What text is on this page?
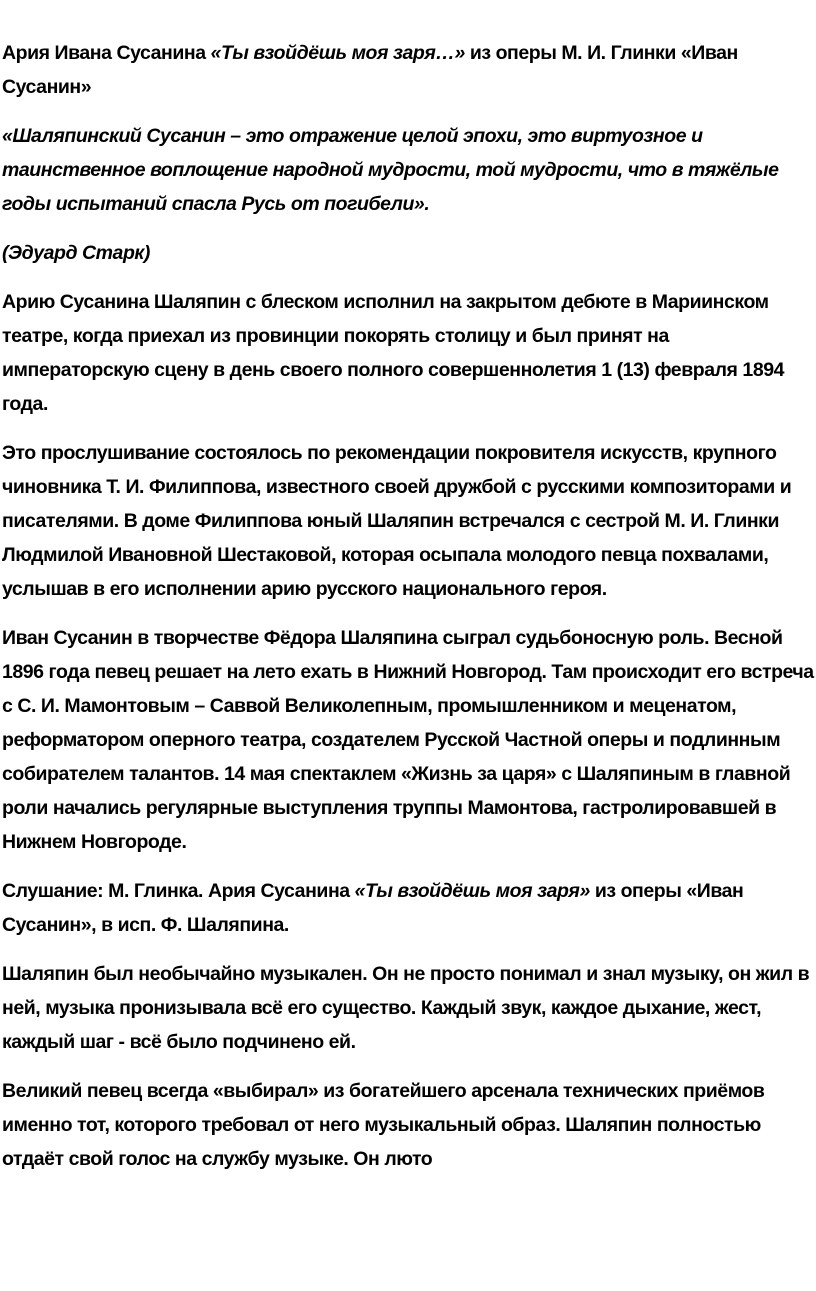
Ария Ивана Сусанина «Ты взойдёшь моя заря…» из оперы М. И. Глинки «Иван Сусанин»

«Шаляпинский Сусанин – это отражение целой эпохи, это виртуозное и таинственное воплощение народной мудрости, той мудрости, что в тяжёлые годы испытаний спасла Русь от погибели».

(Эдуард Старк)

Арию Сусанина Шаляпин с блеском исполнил на закрытом дебюте в Мариинском театре, когда приехал из провинции покорять столицу и был принят на императорскую сцену в день своего полного совершеннолетия 1 (13) февраля 1894 года.

Это прослушивание состоялось по рекомендации покровителя искусств, крупного чиновника Т. И. Филиппова, известного своей дружбой с русскими композиторами и писателями. В доме Филиппова юный Шаляпин встречался с сестрой М. И. Глинки Людмилой Ивановной Шестаковой, которая осыпала молодого певца похвалами, услышав в его исполнении арию русского национального героя.

Иван Сусанин в творчестве Фёдора Шаляпина сыграл судьбоносную роль. Весной 1896 года певец решает на лето ехать в Нижний Новгород. Там происходит его встреча с С. И. Мамонтовым – Саввой Великолепным, промышленником и меценатом, реформатором оперного театра, создателем Русской Частной оперы и подлинным собирателем талантов. 14 мая спектаклем «Жизнь за царя» с Шаляпиным в главной роли начались регулярные выступления труппы Мамонтова, гастролировавшей в Нижнем Новгороде.

Слушание: М. Глинка. Ария Сусанина «Ты взойдёшь моя заря» из оперы «Иван Сусанин», в исп. Ф. Шаляпина.

Шаляпин был необычайно музыкален. Он не просто понимал и знал музыку, он жил в ней, музыка пронизывала всё его существо. Каждый звук, каждое дыхание, жест, каждый шаг - всё было подчинено ей.

Великий певец всегда «выбирал» из богатейшего арсенала технических приёмов именно тот, которого требовал от него музыкальный образ. Шаляпин полностью отдаёт свой голос на службу музыке. Он люто
